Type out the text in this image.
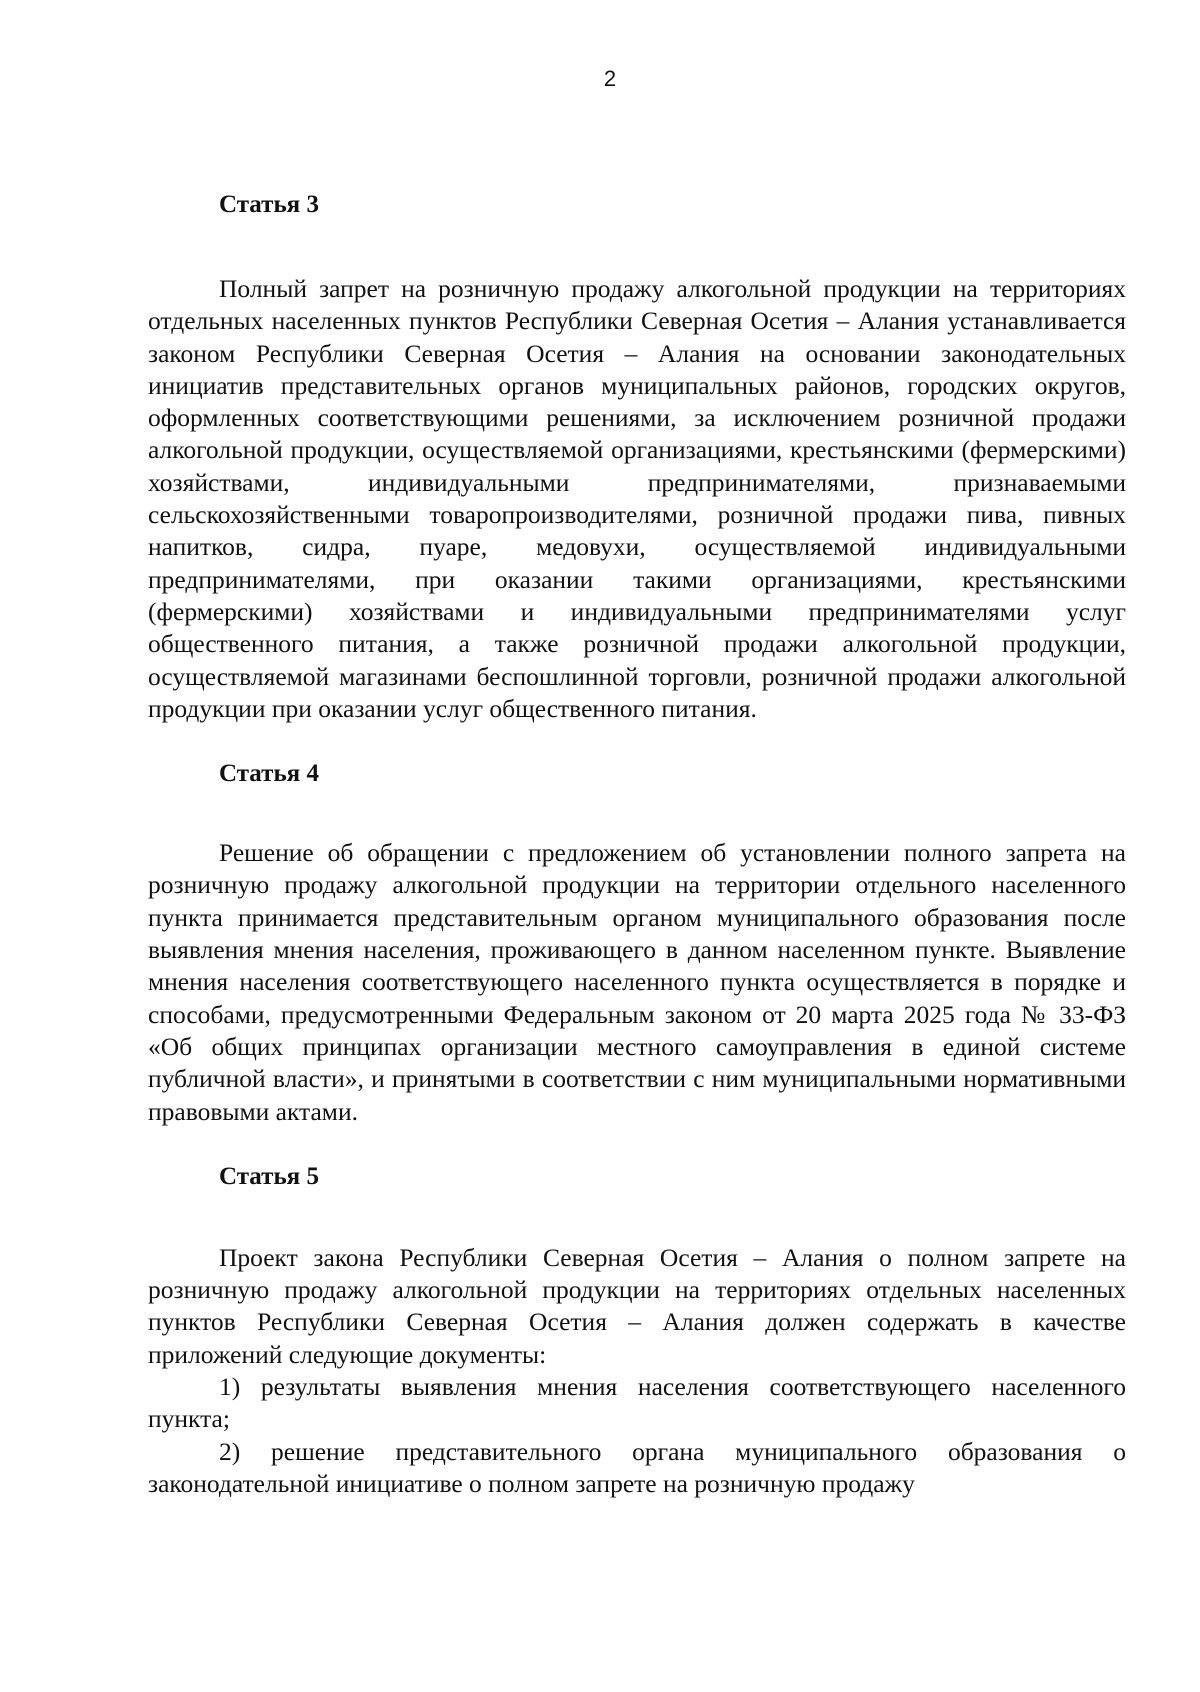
2
Статья 3

Полный запрет на розничную продажу алкогольной продукции на территориях отдельных населенных пунктов Республики Северная Осетия – Алания устанавливается законом Республики Северная Осетия – Алания на основании законодательных инициатив представительных органов муниципальных районов, городских округов, оформленных соответствующими решениями, за исключением розничной продажи алкогольной продукции, осуществляемой организациями, крестьянскими (фермерскими) хозяйствами, индивидуальными предпринимателями, признаваемыми сельскохозяйственными товаропроизводителями, розничной продажи пива, пивных напитков, сидра, пуаре, медовухи, осуществляемой индивидуальными предпринимателями, при оказании такими организациями, крестьянскими (фермерскими) хозяйствами и индивидуальными предпринимателями услуг общественного питания, а также розничной продажи алкогольной продукции, осуществляемой магазинами беспошлинной торговли, розничной продажи алкогольной продукции при оказании услуг общественного питания.

Статья 4

Решение об обращении с предложением об установлении полного запрета на розничную продажу алкогольной продукции на территории отдельного населенного пункта принимается представительным органом муниципального образования после выявления мнения населения, проживающего в данном населенном пункте. Выявление мнения населения соответствующего населенного пункта осуществляется в порядке и способами, предусмотренными Федеральным законом от 20 марта 2025 года № 33-ФЗ «Об общих принципах организации местного самоуправления в единой системе публичной власти», и принятыми в соответствии с ним муниципальными нормативными правовыми актами.

Статья 5

Проект закона Республики Северная Осетия – Алания о полном запрете на розничную продажу алкогольной продукции на территориях отдельных населенных пунктов Республики Северная Осетия – Алания должен содержать в качестве приложений следующие документы:

1) результаты выявления мнения населения соответствующего населенного пункта;

2) решение представительного органа муниципального образования о законодательной инициативе о полном запрете на розничную продажу
